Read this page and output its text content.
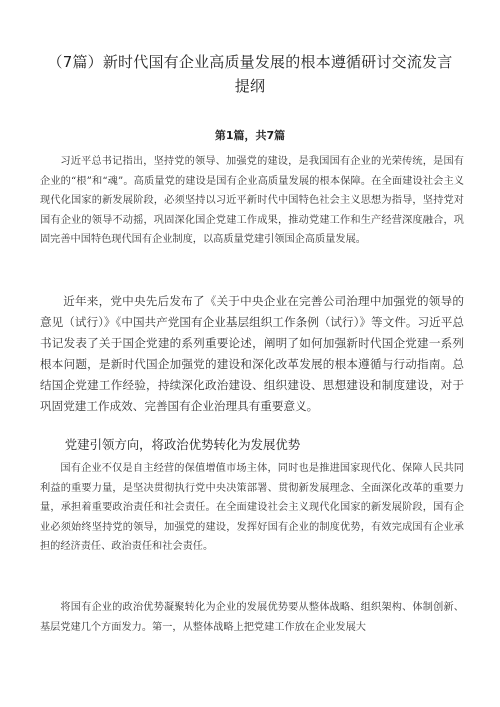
（7篇）新时代国有企业高质量发展的根本遵循研讨交流发言提纲
第1篇，共7篇

习近平总书记指出，坚持党的领导、加强党的建设，是我国国有企业的光荣传统，是国有企业的“根”和“魂”。高质量党的建设是国有企业高质量发展的根本保障。在全面建设社会主义现代化国家的新发展阶段，必须坚持以习近平新时代中国特色社会主义思想为指导，坚持党对国有企业的领导不动摇，巩固深化国企党建工作成果，推动党建工作和生产经营深度融合，巩固完善中国特色现代国有企业制度，以高质量党建引领国企高质量发展。

近年来，党中央先后发布了《关于中央企业在完善公司治理中加强党的领导的意见（试行）》《中国共产党国有企业基层组织工作条例（试行）》等文件。习近平总书记发表了关于国企党建的系列重要论述，阐明了如何加强新时代国企党建一系列根本问题，是新时代国企加强党的建设和深化改革发展的根本遵循与行动指南。总结国企党建工作经验，持续深化政治建设、组织建设、思想建设和制度建设，对于巩固党建工作成效、完善国有企业治理具有重要意义。

党建引领方向，将政治优势转化为发展优势

国有企业不仅是自主经营的保值增值市场主体，同时也是推进国家现代化、保障人民共同利益的重要力量，是坚决贯彻执行党中央决策部署、贯彻新发展理念、全面深化改革的重要力量，承担着重要政治责任和社会责任。在全面建设社会主义现代化国家的新发展阶段，国有企业必须始终坚持党的领导，加强党的建设，发挥好国有企业的制度优势，有效完成国有企业承担的经济责任、政治责任和社会责任。

将国有企业的政治优势凝聚转化为企业的发展优势要从整体战略、组织架构、体制创新、基层党建几个方面发力。第一，从整体战略上把党建工作放在企业发展大
